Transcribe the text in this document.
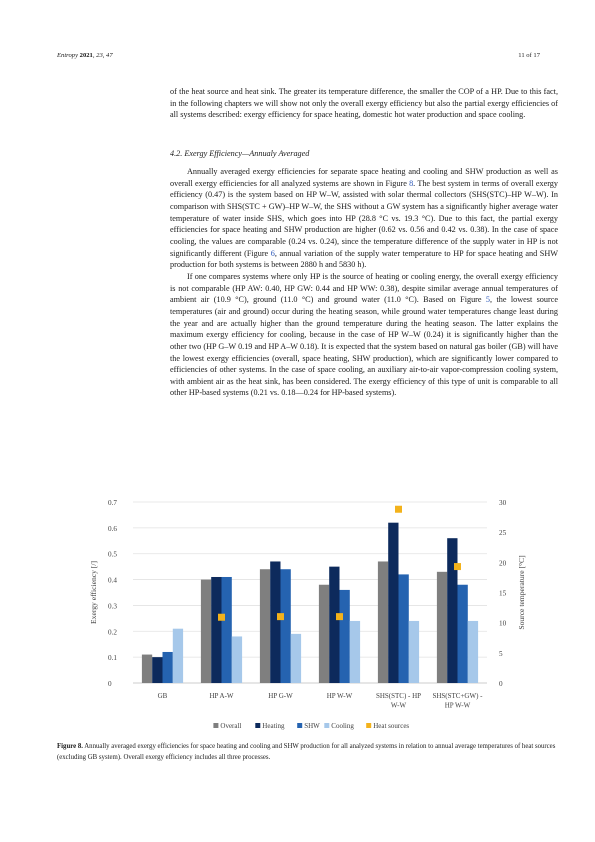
Entropy 2021, 23, 47	11 of 17

of the heat source and heat sink. The greater its temperature difference, the smaller the COP of a HP. Due to this fact, in the following chapters we will show not only the overall exergy efficiency but also the partial exergy efficiencies of all systems described: exergy efficiency for space heating, domestic hot water production and space cooling.

4.2. Exergy Efficiency—Annualy Averaged

Annually averaged exergy efficiencies for separate space heating and cooling and SHW production as well as overall exergy efficiencies for all analyzed systems are shown in Figure 8. The best system in terms of overall exergy efficiency (0.47) is the system based on HP W–W, assisted with solar thermal collectors (SHS(STC)–HP W–W). In comparison with SHS(STC + GW)–HP W–W, the SHS without a GW system has a significantly higher average water temperature of water inside SHS, which goes into HP (28.8 °C vs. 19.3 °C). Due to this fact, the partial exergy efficiencies for space heating and SHW production are higher (0.62 vs. 0.56 and 0.42 vs. 0.38). In the case of space cooling, the values are comparable (0.24 vs. 0.24), since the temperature difference of the supply water in HP is not significantly different (Figure 6, annual variation of the supply water temperature to HP for space heating and SHW production for both systems is between 2880 h and 5830 h).

If one compares systems where only HP is the source of heating or cooling energy, the overall exergy efficiency is not comparable (HP AW: 0.40, HP GW: 0.44 and HP WW: 0.38), despite similar average annual temperatures of ambient air (10.9 °C), ground (11.0 °C) and ground water (11.0 °C). Based on Figure 5, the lowest source temperatures (air and ground) occur during the heating season, while ground water temperatures change least during the year and are actually higher than the ground temperature during the heating season. The latter explains the maximum exergy efficiency for cooling, because in the case of HP W–W (0.24) it is significantly higher than the other two (HP G–W 0.19 and HP A–W 0.18). It is expected that the system based on natural gas boiler (GB) will have the lowest exergy efficiencies (overall, space heating, SHW production), which are significantly lower compared to efficiencies of other systems. In the case of space cooling, an auxiliary air-to-air vapor-compression cooling system, with ambient air as the heat sink, has been considered. The exergy efficiency of this type of unit is comparable to all other HP-based systems (0.21 vs. 0.18—0.24 for HP-based systems).

0
0.1
0.2
0.3
0.4
0.5
0.6
0.7
0
5
10
15
20
25
30
Exergy efficiency [/]	Source temperature [°C]
GB	HP A-W	HP G-W	HP W-W	SHS(STC) - HP
W-W
SHS(STC+GW) -
HP W-W
Overall	Heating	SHW Cooling	Heat sources
Figure 8. Annually averaged exergy efficiencies for space heating and cooling and SHW production for all analyzed systems in relation to annual average temperatures of heat sources (excluding GB system). Overall exergy efficiency includes all three processes.
